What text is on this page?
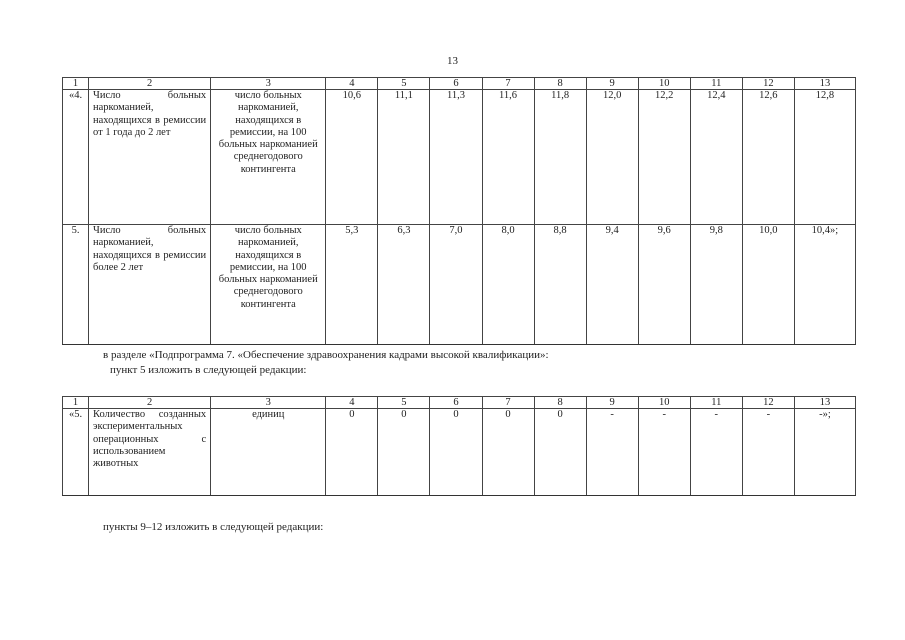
13
1	2	3	4	5	6	7	8	9	10	11	12	13
«4.	Число больных наркоманией, находящихся в ремиссии от 1 года до 2 лет	число больных наркоманией, находящихся в ремиссии, на 100 больных наркоманией среднегодового контингента	10,6	11,1	11,3	11,6	11,8	12,0	12,2	12,4	12,6	12,8
5.	Число больных наркоманией, находящихся в ремиссии более 2 лет	число больных наркоманией, находящихся в ремиссии, на 100 больных наркоманией среднегодового контингента	5,3	6,3	7,0	8,0	8,8	9,4	9,6	9,8	10,0	10,4»;
в разделе «Подпрограмма 7. «Обеспечение здравоохранения кадрами высокой квалификации»:
пункт 5 изложить в следующей редакции:
1	2	3	4	5	6	7	8	9	10	11	12	13
«5.	Количество созданных экспериментальных операционных с использованием животных	единиц	0	0	0	0	0	-	-	-	-	-»;
пункты 9–12 изложить в следующей редакции:
